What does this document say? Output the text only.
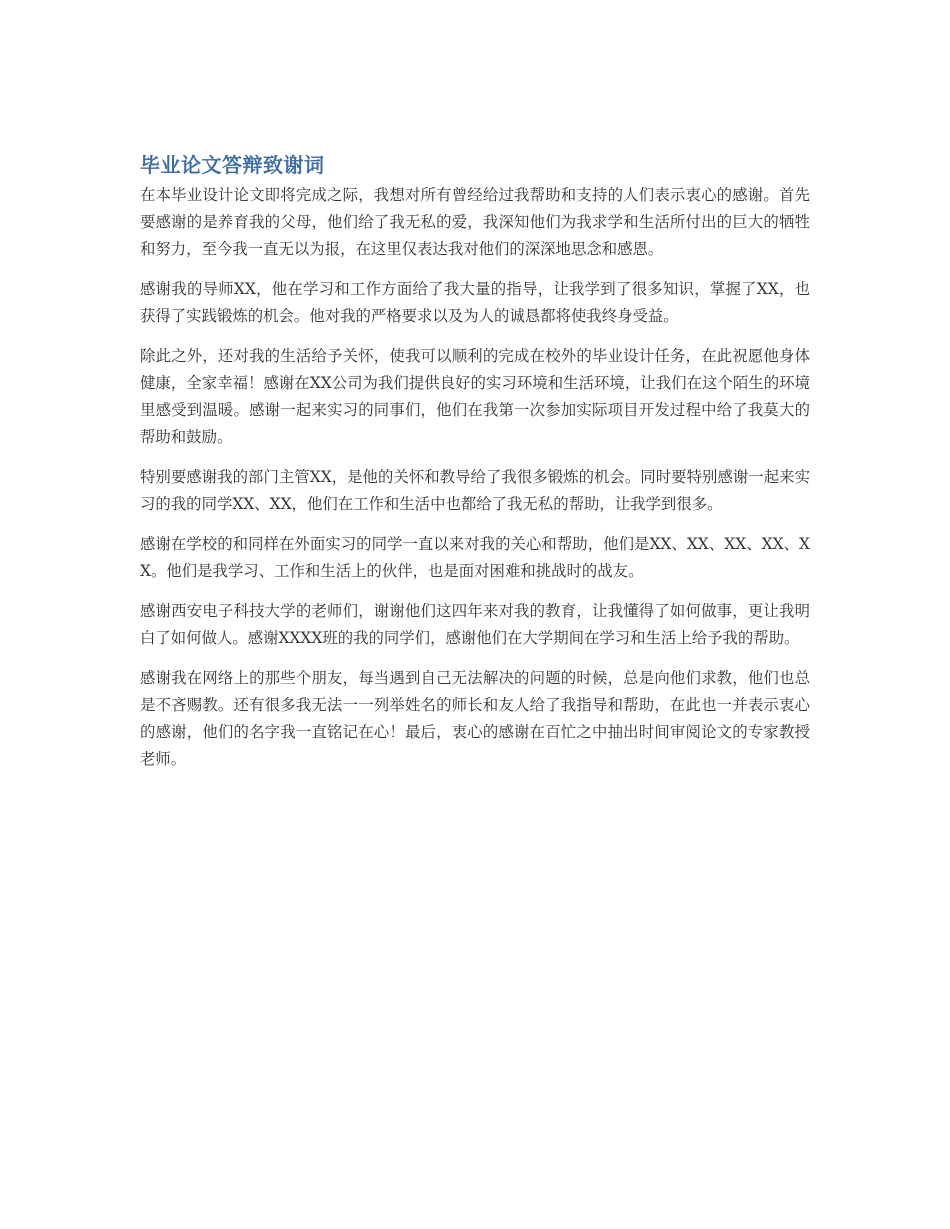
毕业论文答辩致谢词

在本毕业设计论文即将完成之际，我想对所有曾经给过我帮助和支持的人们表示衷心的感谢。首先要感谢的是养育我的父母，他们给了我无私的爱，我深知他们为我求学和生活所付出的巨大的牺牲和努力，至今我一直无以为报，在这里仅表达我对他们的深深地思念和感恩。

感谢我的导师XX，他在学习和工作方面给了我大量的指导，让我学到了很多知识，掌握了XX，也获得了实践锻炼的机会。他对我的严格要求以及为人的诚恳都将使我终身受益。

除此之外，还对我的生活给予关怀，使我可以顺利的完成在校外的毕业设计任务，在此祝愿他身体健康，全家幸福！感谢在XX公司为我们提供良好的实习环境和生活环境，让我们在这个陌生的环境里感受到温暖。感谢一起来实习的同事们，他们在我第一次参加实际项目开发过程中给了我莫大的帮助和鼓励。

特别要感谢我的部门主管XX，是他的关怀和教导给了我很多锻炼的机会。同时要特别感谢一起来实习的我的同学XX、XX，他们在工作和生活中也都给了我无私的帮助，让我学到很多。

感谢在学校的和同样在外面实习的同学一直以来对我的关心和帮助，他们是XX、XX、XX、XX、XX。他们是我学习、工作和生活上的伙伴，也是面对困难和挑战时的战友。

感谢西安电子科技大学的老师们，谢谢他们这四年来对我的教育，让我懂得了如何做事，更让我明白了如何做人。感谢XXXX班的我的同学们，感谢他们在大学期间在学习和生活上给予我的帮助。

感谢我在网络上的那些个朋友，每当遇到自己无法解决的问题的时候，总是向他们求教，他们也总是不吝赐教。还有很多我无法一一列举姓名的师长和友人给了我指导和帮助，在此也一并表示衷心的感谢，他们的名字我一直铭记在心！最后，衷心的感谢在百忙之中抽出时间审阅论文的专家教授老师。
